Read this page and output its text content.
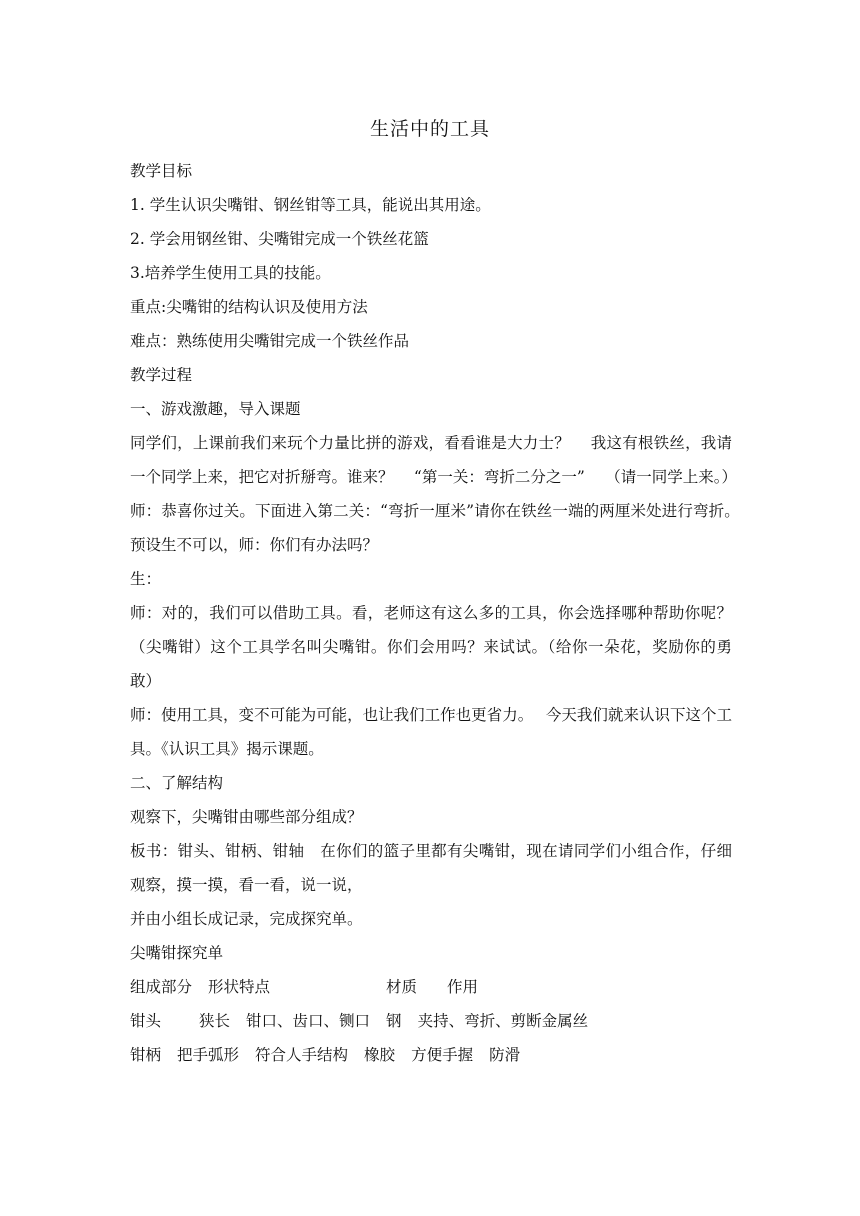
生活中的工具
教学目标
1. 学生认识尖嘴钳、钢丝钳等工具，能说出其用途。
2. 学会用钢丝钳、尖嘴钳完成一个铁丝花篮
3.培养学生使用工具的技能。
重点:尖嘴钳的结构认识及使用方法
难点：熟练使用尖嘴钳完成一个铁丝作品
教学过程
一、游戏激趣，导入课题
同学们，上课前我们来玩个力量比拼的游戏，看看谁是大力士？　 我这有根铁丝，我请一个同学上来，把它对折掰弯。谁来？　 “第一关：弯折二分之一”　 （请一同学上来。）
师：恭喜你过关。下面进入第二关：“弯折一厘米”请你在铁丝一端的两厘米处进行弯折。　 预设生不可以，师：你们有办法吗？
生：
师：对的，我们可以借助工具。看，老师这有这么多的工具，你会选择哪种帮助你呢？　 （尖嘴钳）这个工具学名叫尖嘴钳。你们会用吗？来试试。（给你一朵花，奖励你的勇敢）
师：使用工具，变不可能为可能，也让我们工作也更省力。　 今天我们就来认识下这个工具。《认识工具》揭示课题。
二、了解结构
观察下，尖嘴钳由哪些部分组成？
板书：钳头、钳柄、钳轴　在你们的篮子里都有尖嘴钳，现在请同学们小组合作，仔细观察，摸一摸，看一看，说一说，
并由小组长成记录，完成探究单。
尖嘴钳探究单
组成部分 形状特点	材质 作用
钳头 狭长 钳口、齿口、铡口 钢 夹持、弯折、剪断金属丝
钳柄 把手弧形 符合人手结构 橡胶 方便手握 防滑
